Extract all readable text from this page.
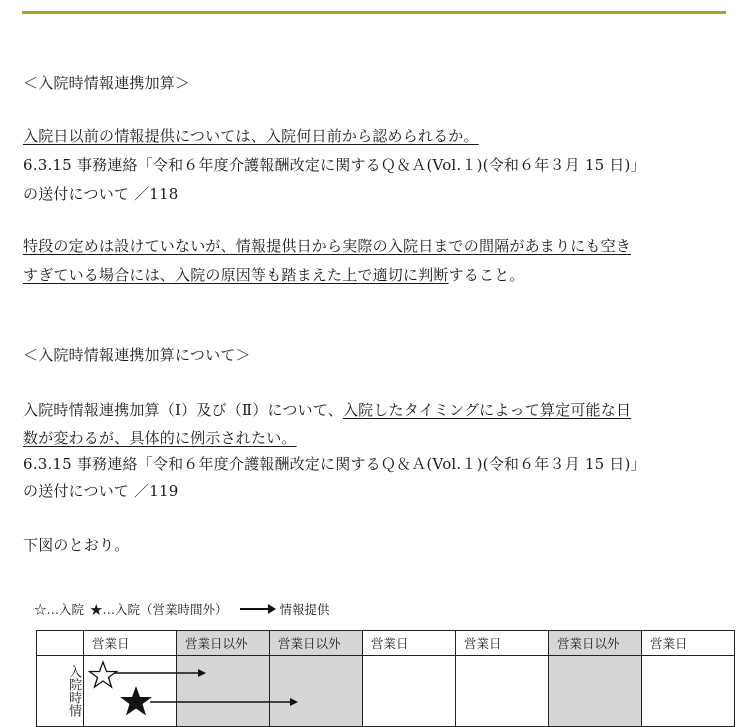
＜入院時情報連携加算＞
入院日以前の情報提供については、入院何日前から認められるか。
6.3.15 事務連絡「令和６年度介護報酬改定に関するＱ＆Ａ(Vol.１)(令和６年３月 15 日)」
の送付について ／118
特段の定めは設けていないが、情報提供日から実際の入院日までの間隔があまりにも空き
すぎている場合には、入院の原因等も踏まえた上で適切に判断すること。
＜入院時情報連携加算について＞
入院時情報連携加算（Ⅰ）及び（Ⅱ）について、入院したタイミングによって算定可能な日
数が変わるが、具体的に例示されたい。
6.3.15 事務連絡「令和６年度介護報酬改定に関するＱ＆Ａ(Vol.１)(令和６年３月 15 日)」
の送付について ／119
下図のとおり。
☆…入院 ★…入院（営業時間外）	情報提供
	営業日	営業日以外	営業日以外	営業日	営業日	営業日以外	営業日
入院時情	
